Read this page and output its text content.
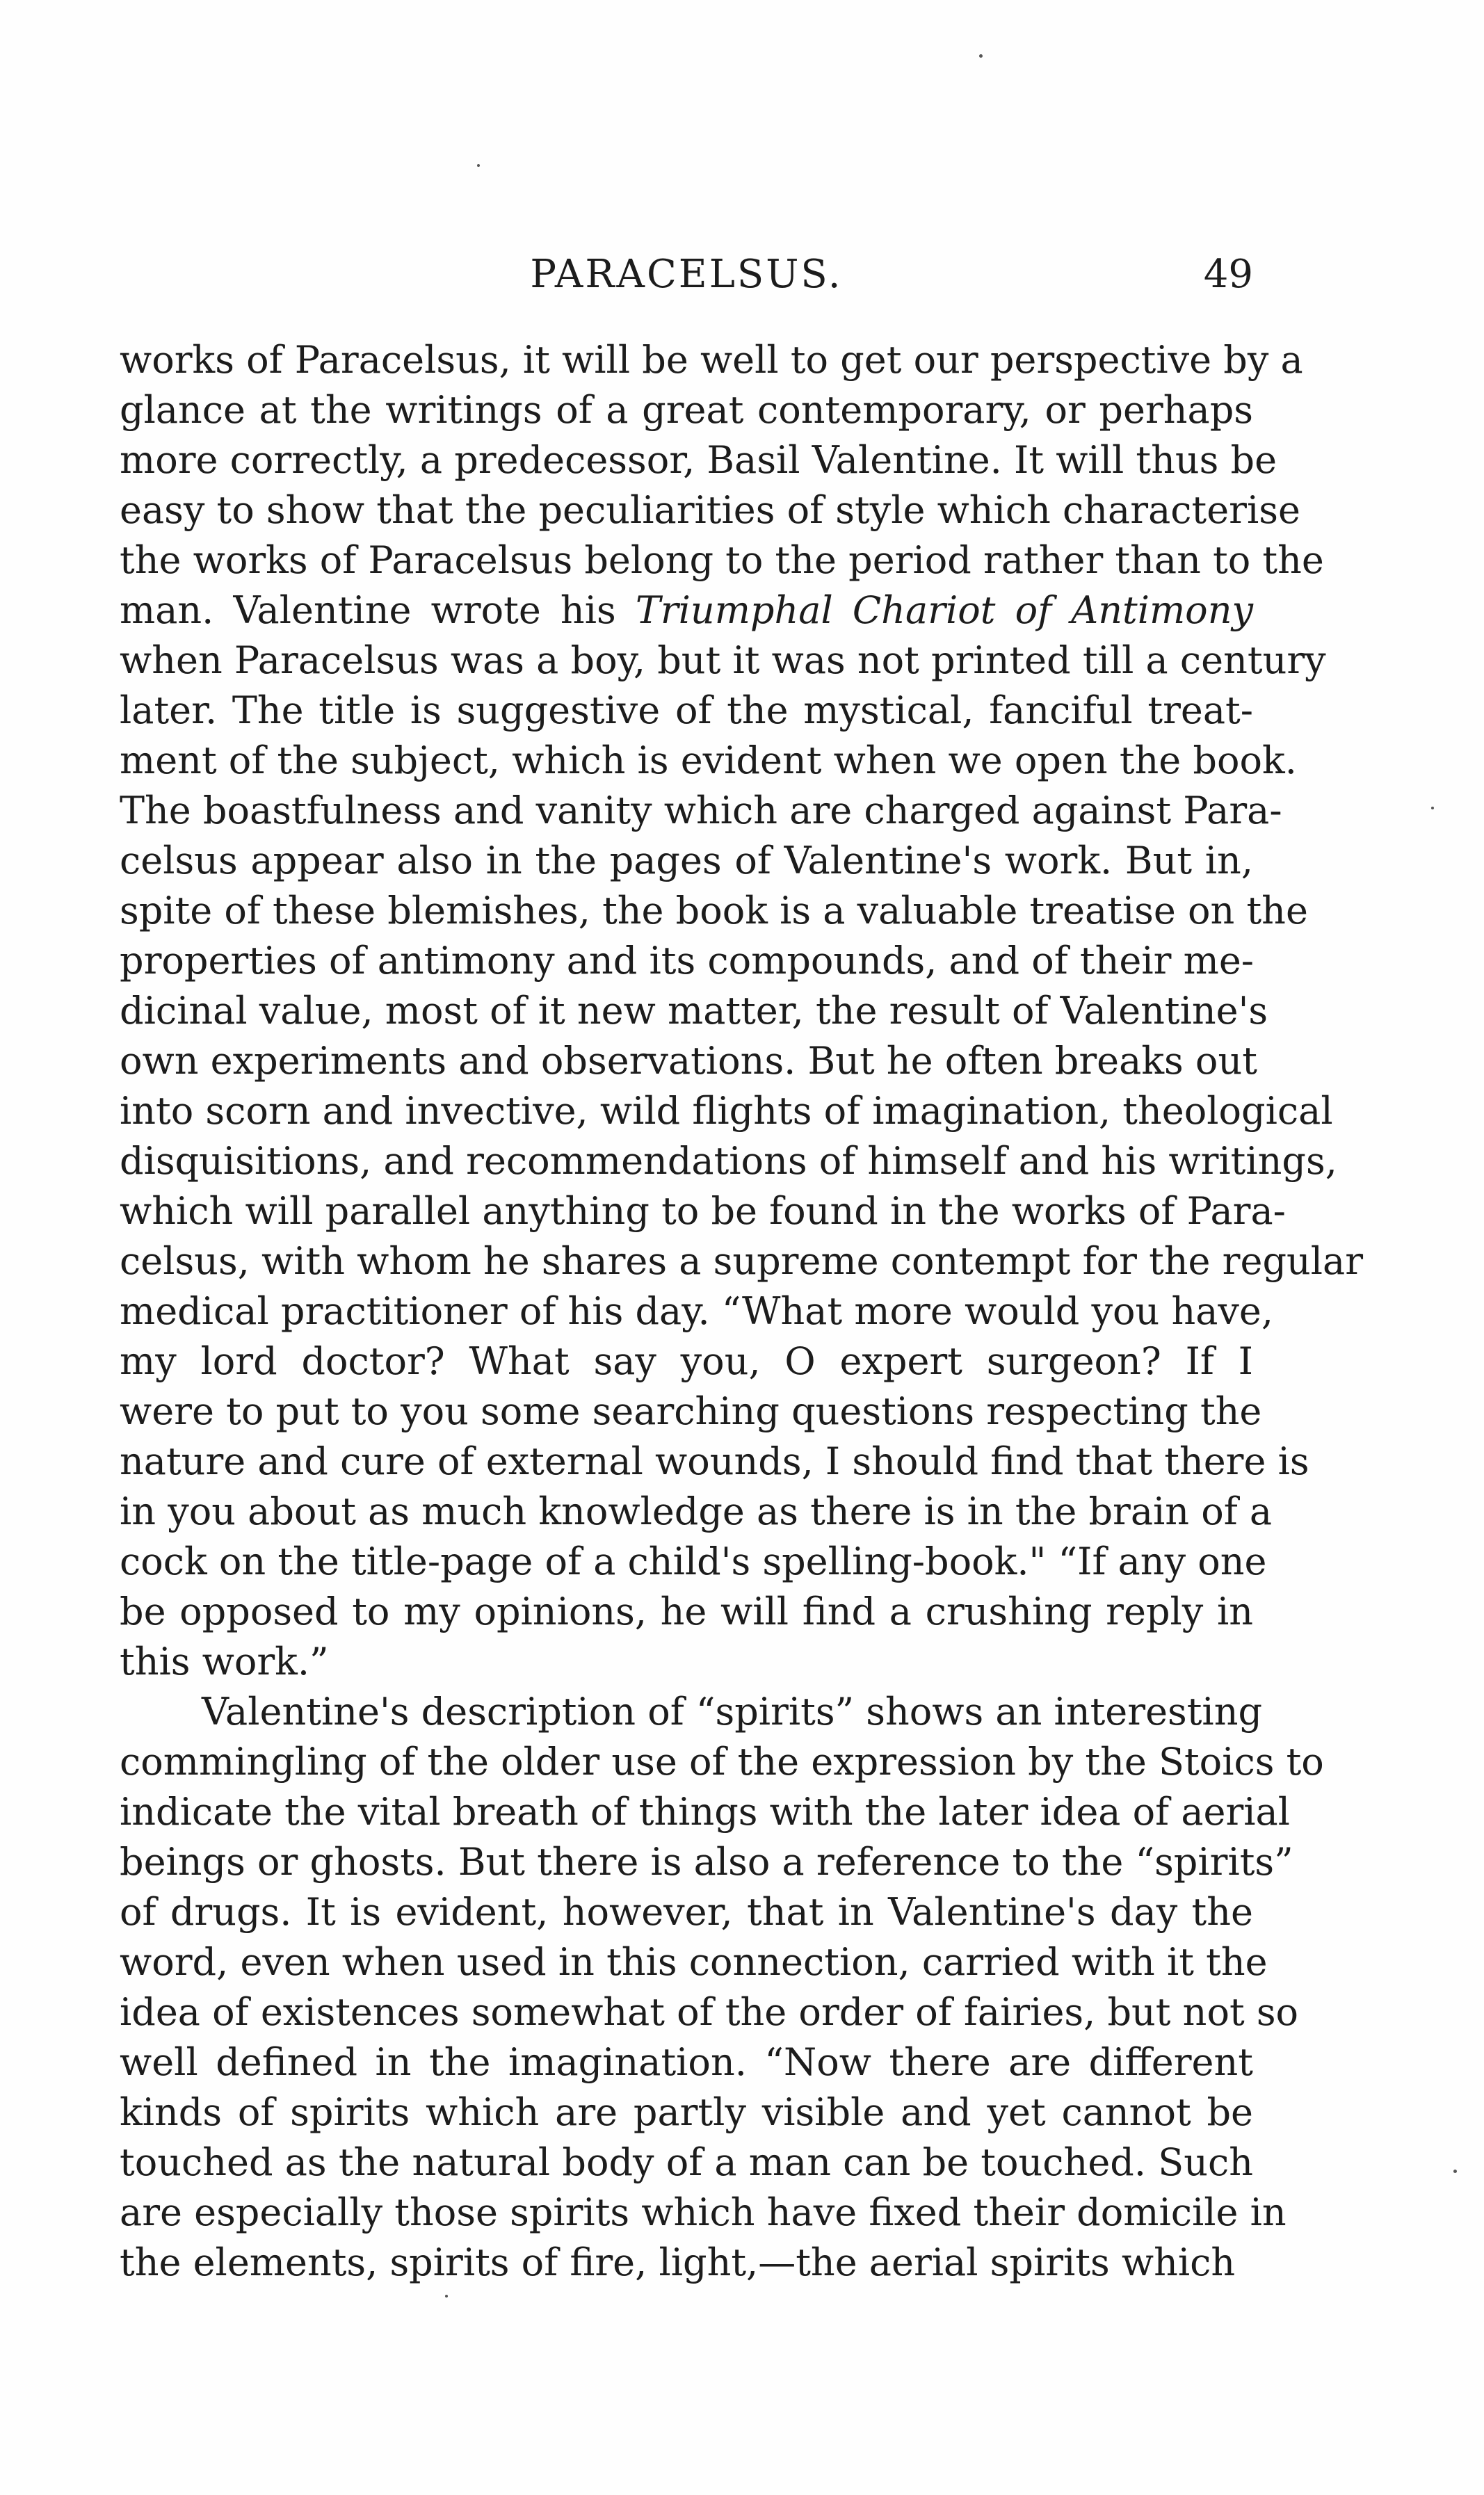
PARACELSUS.	49
works of Paracelsus, it will be well to get our perspective by a
glance at the writings of a great contemporary, or perhaps
more correctly, a predecessor, Basil Valentine. It will thus be
easy to show that the peculiarities of style which characterise
the works of Paracelsus belong to the period rather than to the
man. Valentine wrote his Triumphal Chariot of Antimony
when Paracelsus was a boy, but it was not printed till a century
later. The title is suggestive of the mystical, fanciful treat-
ment of the subject, which is evident when we open the book.
The boastfulness and vanity which are charged against Para-
celsus appear also in the pages of Valentine's work. But in,
spite of these blemishes, the book is a valuable treatise on the
properties of antimony and its compounds, and of their me-
dicinal value, most of it new matter, the result of Valentine's
own experiments and observations. But he often breaks out
into scorn and invective, wild flights of imagination, theological
disquisitions, and recommendations of himself and his writings,
which will parallel anything to be found in the works of Para-
celsus, with whom he shares a supreme contempt for the regular
medical practitioner of his day. “What more would you have,
my lord doctor? What say you, O expert surgeon? If I
were to put to you some searching questions respecting the
nature and cure of external wounds, I should find that there is
in you about as much knowledge as there is in the brain of a
cock on the title-page of a child's spelling-book." “If any one
be opposed to my opinions, he will find a crushing reply in
this work.”
Valentine's description of “spirits” shows an interesting
commingling of the older use of the expression by the Stoics to
indicate the vital breath of things with the later idea of aerial
beings or ghosts. But there is also a reference to the “spirits”
of drugs. It is evident, however, that in Valentine's day the
word, even when used in this connection, carried with it the
idea of existences somewhat of the order of fairies, but not so
well defined in the imagination. “Now there are different
kinds of spirits which are partly visible and yet cannot be
touched as the natural body of a man can be touched. Such
are especially those spirits which have fixed their domicile in
the elements, spirits of fire, light,—the aerial spirits which
